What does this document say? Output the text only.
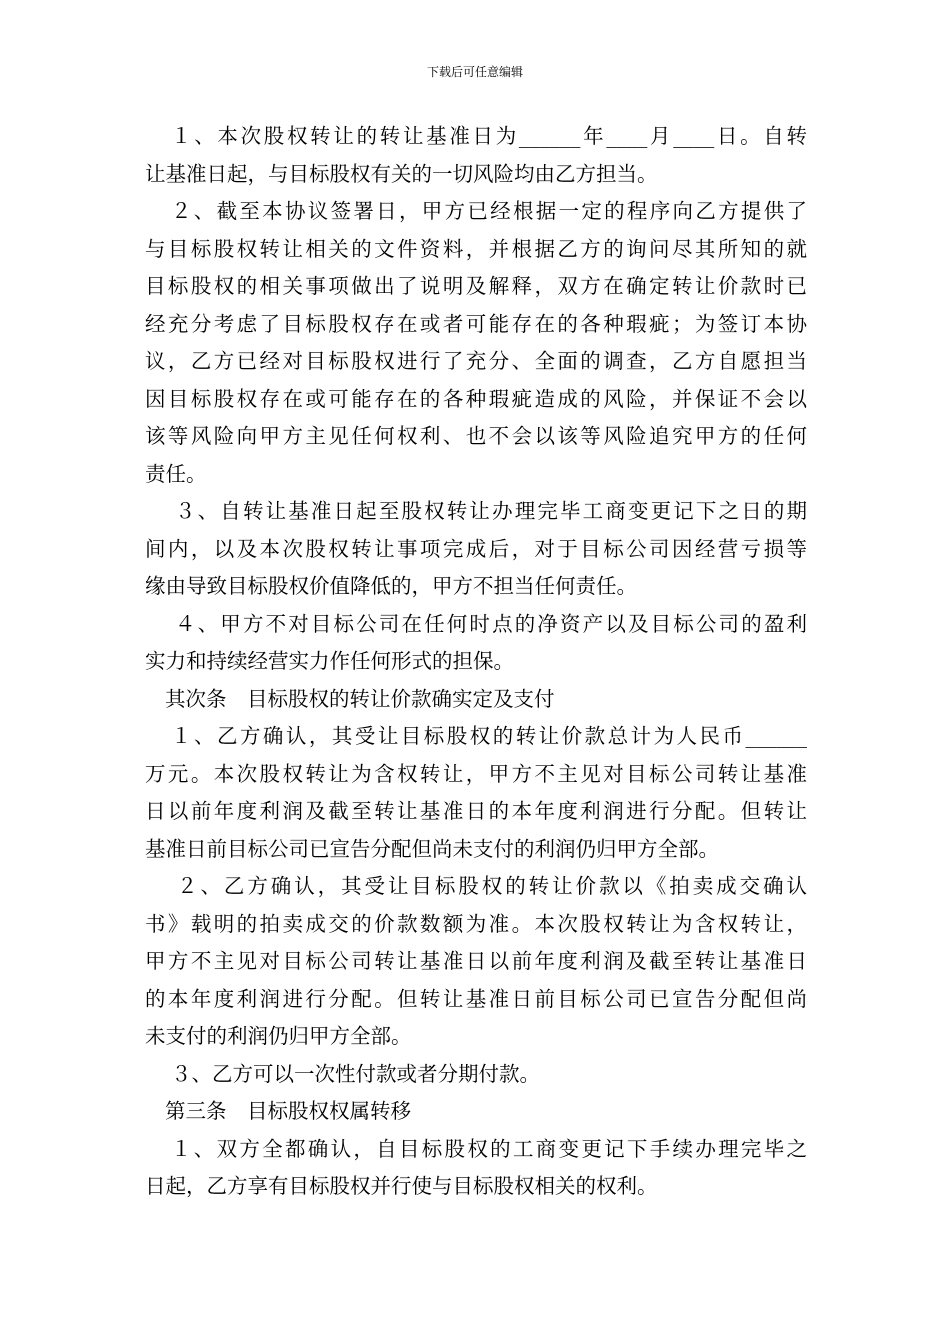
下载后可任意编辑
１、本次股权转让的转让基准日为______年____月____日。自转
让基准日起，与目标股权有关的一切风险均由乙方担当。
２、截至本协议签署日，甲方已经根据一定的程序向乙方提供了
与目标股权转让相关的文件资料，并根据乙方的询问尽其所知的就
目标股权的相关事项做出了说明及解释，双方在确定转让价款时已
经充分考虑了目标股权存在或者可能存在的各种瑕疵；为签订本协
议，乙方已经对目标股权进行了充分、全面的调查，乙方自愿担当
因目标股权存在或可能存在的各种瑕疵造成的风险，并保证不会以
该等风险向甲方主见任何权利、也不会以该等风险追究甲方的任何
责任。
３、自转让基准日起至股权转让办理完毕工商变更记下之日的期
间内，以及本次股权转让事项完成后，对于目标公司因经营亏损等
缘由导致目标股权价值降低的，甲方不担当任何责任。
４、甲方不对目标公司在任何时点的净资产以及目标公司的盈利
实力和持续经营实力作任何形式的担保。
其次条　目标股权的转让价款确实定及支付
１、乙方确认，其受让目标股权的转让价款总计为人民币______
万元。本次股权转让为含权转让，甲方不主见对目标公司转让基准
日以前年度利润及截至转让基准日的本年度利润进行分配。但转让
基准日前目标公司已宣告分配但尚未支付的利润仍归甲方全部。
２、乙方确认，其受让目标股权的转让价款以《拍卖成交确认
书》载明的拍卖成交的价款数额为准。本次股权转让为含权转让，
甲方不主见对目标公司转让基准日以前年度利润及截至转让基准日
的本年度利润进行分配。但转让基准日前目标公司已宣告分配但尚
未支付的利润仍归甲方全部。
３、乙方可以一次性付款或者分期付款。
第三条　目标股权权属转移
１、双方全都确认，自目标股权的工商变更记下手续办理完毕之
日起，乙方享有目标股权并行使与目标股权相关的权利。
